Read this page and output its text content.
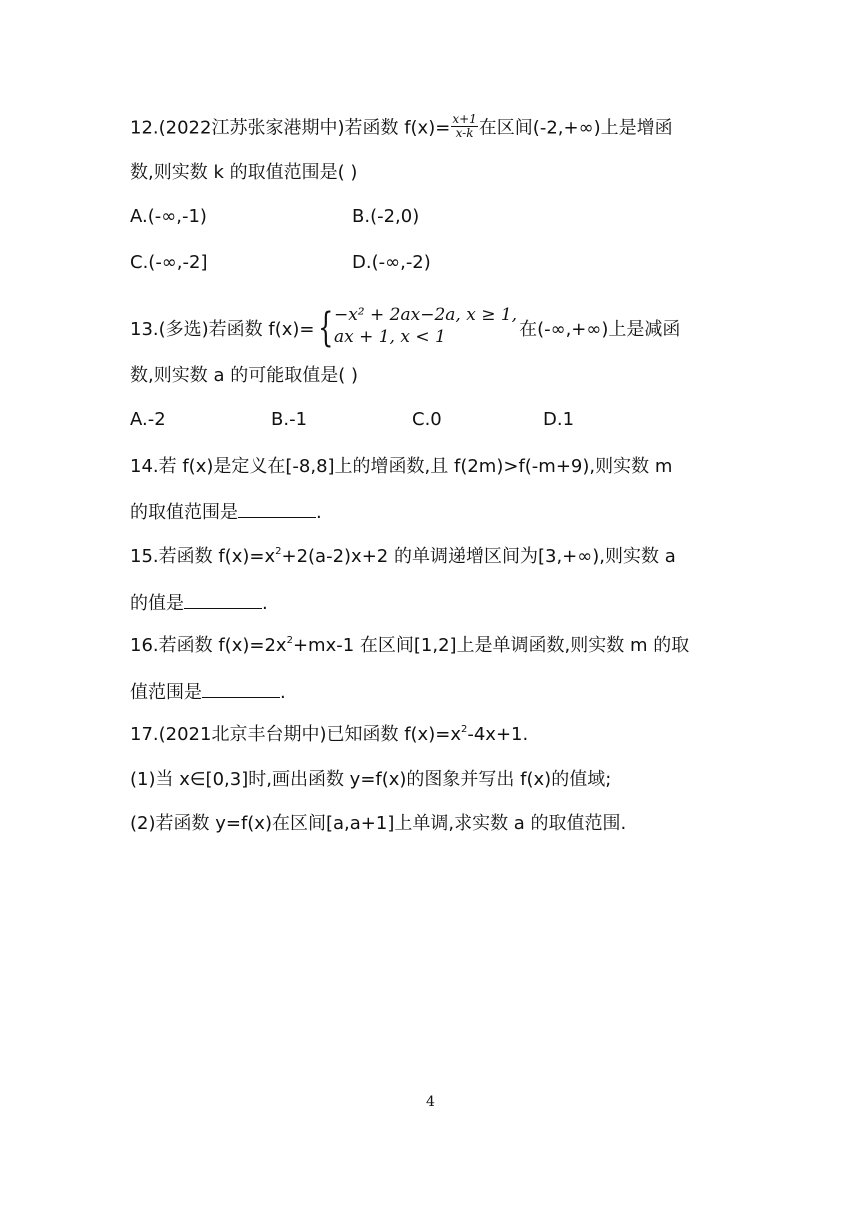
12.(2022江苏张家港期中)若函数 $f(x)= \frac{x+1}{x-k}$ 在区间(-2,+∞)上是增函
数,则实数 k 的取值范围是( )
A.(-∞,-1)	B.(-2,0)
C.(-∞,-2]	D.(-∞,-2)
13.(多选)若函数 f(x)={ −x² + 2ax−2a, x ≥ 1,
ax + 1, x < 1	在(-∞,+∞)上是减函
数,则实数 a 的可能取值是( )
A.-2	B.-1	C.0	D.1
14.若 f(x)是定义在[-8,8]上的增函数,且 f(2m)>f(-m+9),则实数 m
的取值范围是	.
15.若函数 $f(x)=x^2+2(a-2)x+2$ 的单调递增区间为[3,+∞),则实数 a
的值是	.
16.若函数 $f(x)=2x^2+mx-1$ 在区间[1,2]上是单调函数,则实数 m 的取
值范围是	.
17.(2021北京丰台期中)已知函数 $f(x)=x^2-4x+1$.
(1)当 x∈[0,3]时,画出函数 y=f(x)的图象并写出 f(x)的值域;
(2)若函数 y=f(x)在区间[a,a+1]上单调,求实数 a 的取值范围.
4
